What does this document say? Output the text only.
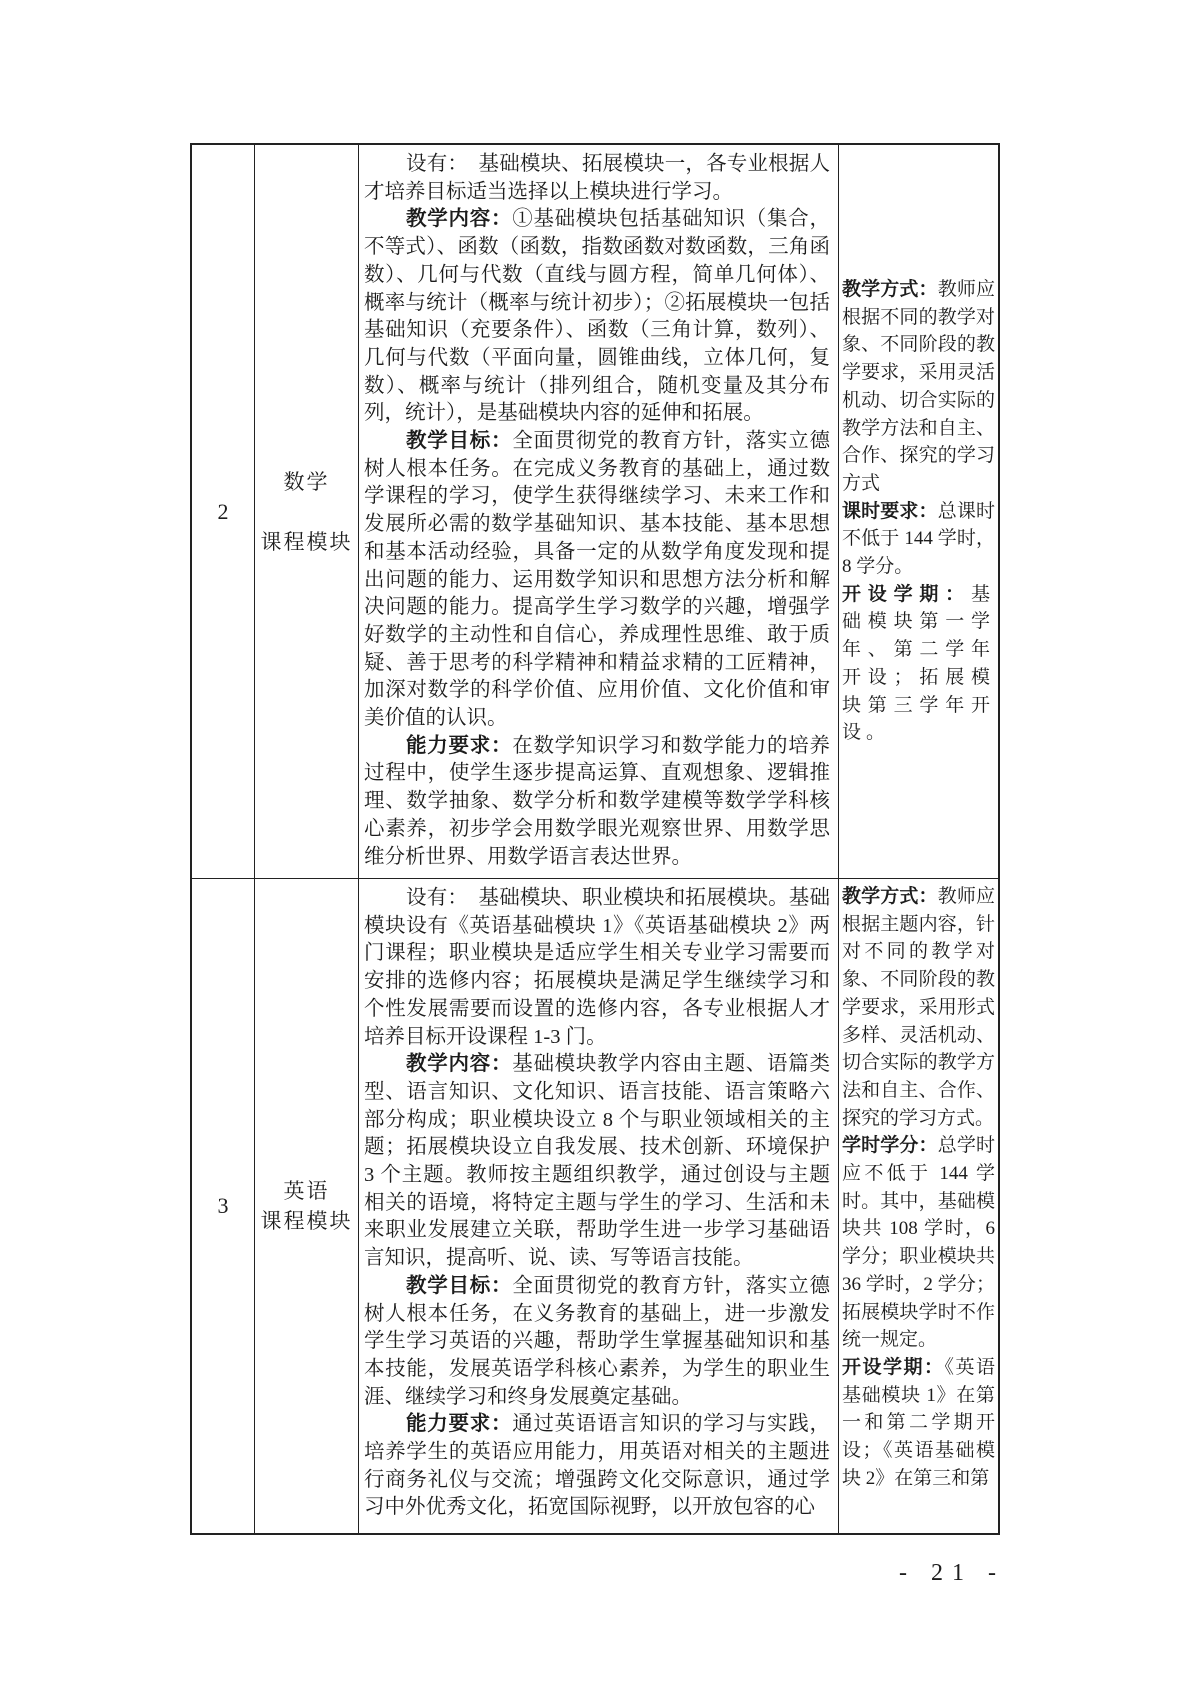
2
数学
课程模块

设有：　基础模块、拓展模块一，各专业根据人才培养目标适当选择以上模块进行学习。

教学内容：①基础模块包括基础知识（集合，不等式）、函数（函数，指数函数对数函数，三角函数）、几何与代数（直线与圆方程，简单几何体）、概率与统计（概率与统计初步）；②拓展模块一包括基础知识（充要条件）、函数（三角计算，数列）、几何与代数（平面向量，圆锥曲线，立体几何，复数）、概率与统计（排列组合，随机变量及其分布列，统计），是基础模块内容的延伸和拓展。

教学目标：全面贯彻党的教育方针，落实立德树人根本任务。在完成义务教育的基础上，通过数学课程的学习，使学生获得继续学习、未来工作和发展所必需的数学基础知识、基本技能、基本思想和基本活动经验，具备一定的从数学角度发现和提出问题的能力、运用数学知识和思想方法分析和解决问题的能力。提高学生学习数学的兴趣，增强学好数学的主动性和自信心，养成理性思维、敢于质疑、善于思考的科学精神和精益求精的工匠精神，加深对数学的科学价值、应用价值、文化价值和审美价值的认识。

能力要求：在数学知识学习和数学能力的培养过程中，使学生逐步提高运算、直观想象、逻辑推理、数学抽象、数学分析和数学建模等数学学科核心素养，初步学会用数学眼光观察世界、用数学思维分析世界、用数学语言表达世界。

教学方式：教师应根据不同的教学对象、不同阶段的教学要求，采用灵活机动、切合实际的教学方法和自主、合作、探究的学习方式

课时要求：总课时不低于 144 学时，8 学分。

开设学期：基础模块第一学年、第二学年开设；拓展模块第三学年开设。

3
英语
课程模块

设有：　基础模块、职业模块和拓展模块。基础模块设有《英语基础模块 1》《英语基础模块 2》两门课程；职业模块是适应学生相关专业学习需要而安排的选修内容；拓展模块是满足学生继续学习和个性发展需要而设置的选修内容，各专业根据人才培养目标开设课程 1-3 门。

教学内容：基础模块教学内容由主题、语篇类型、语言知识、文化知识、语言技能、语言策略六部分构成；职业模块设立 8 个与职业领域相关的主题；拓展模块设立自我发展、技术创新、环境保护 3 个主题。教师按主题组织教学，通过创设与主题相关的语境，将特定主题与学生的学习、生活和未来职业发展建立关联，帮助学生进一步学习基础语言知识，提高听、说、读、写等语言技能。

教学目标：全面贯彻党的教育方针，落实立德树人根本任务，在义务教育的基础上，进一步激发学生学习英语的兴趣，帮助学生掌握基础知识和基本技能，发展英语学科核心素养，为学生的职业生涯、继续学习和终身发展奠定基础。

能力要求：通过英语语言知识的学习与实践，培养学生的英语应用能力，用英语对相关的主题进行商务礼仪与交流；增强跨文化交际意识，通过学习中外优秀文化，拓宽国际视野，以开放包容的心

教学方式：教师应根据主题内容，针对不同的教学对象、不同阶段的教学要求，采用形式多样、灵活机动、切合实际的教学方法和自主、合作、探究的学习方式。

学时学分：总学时应不低于 144 学时。其中，基础模块共 108 学时，6 学分；职业模块共 36 学时，2 学分；拓展模块学时不作统一规定。

开设学期：《英语基础模块 1》在第一和第二学期开设；《英语基础模块 2》在第三和第

- 21 -
